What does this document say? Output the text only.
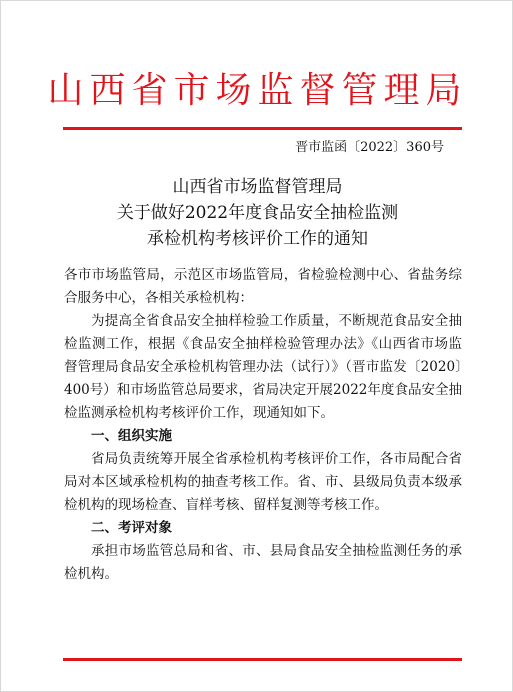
山西省市场监督管理局
晋市监函〔2022〕360号
山西省市场监督管理局
关于做好2022年度食品安全抽检监测
承检机构考核评价工作的通知

各市市场监管局，示范区市场监管局，省检验检测中心、省盐务综合服务中心，各相关承检机构：

为提高全省食品安全抽样检验工作质量，不断规范食品安全抽检监测工作，根据《食品安全抽样检验管理办法》《山西省市场监督管理局食品安全承检机构管理办法（试行）》（晋市监发〔2020〕400号）和市场监管总局要求，省局决定开展2022年度食品安全抽检监测承检机构考核评价工作，现通知如下。

一、组织实施

省局负责统筹开展全省承检机构考核评价工作，各市局配合省局对本区域承检机构的抽查考核工作。省、市、县级局负责本级承检机构的现场检查、盲样考核、留样复测等考核工作。

二、考评对象

承担市场监管总局和省、市、县局食品安全抽检监测任务的承检机构。
